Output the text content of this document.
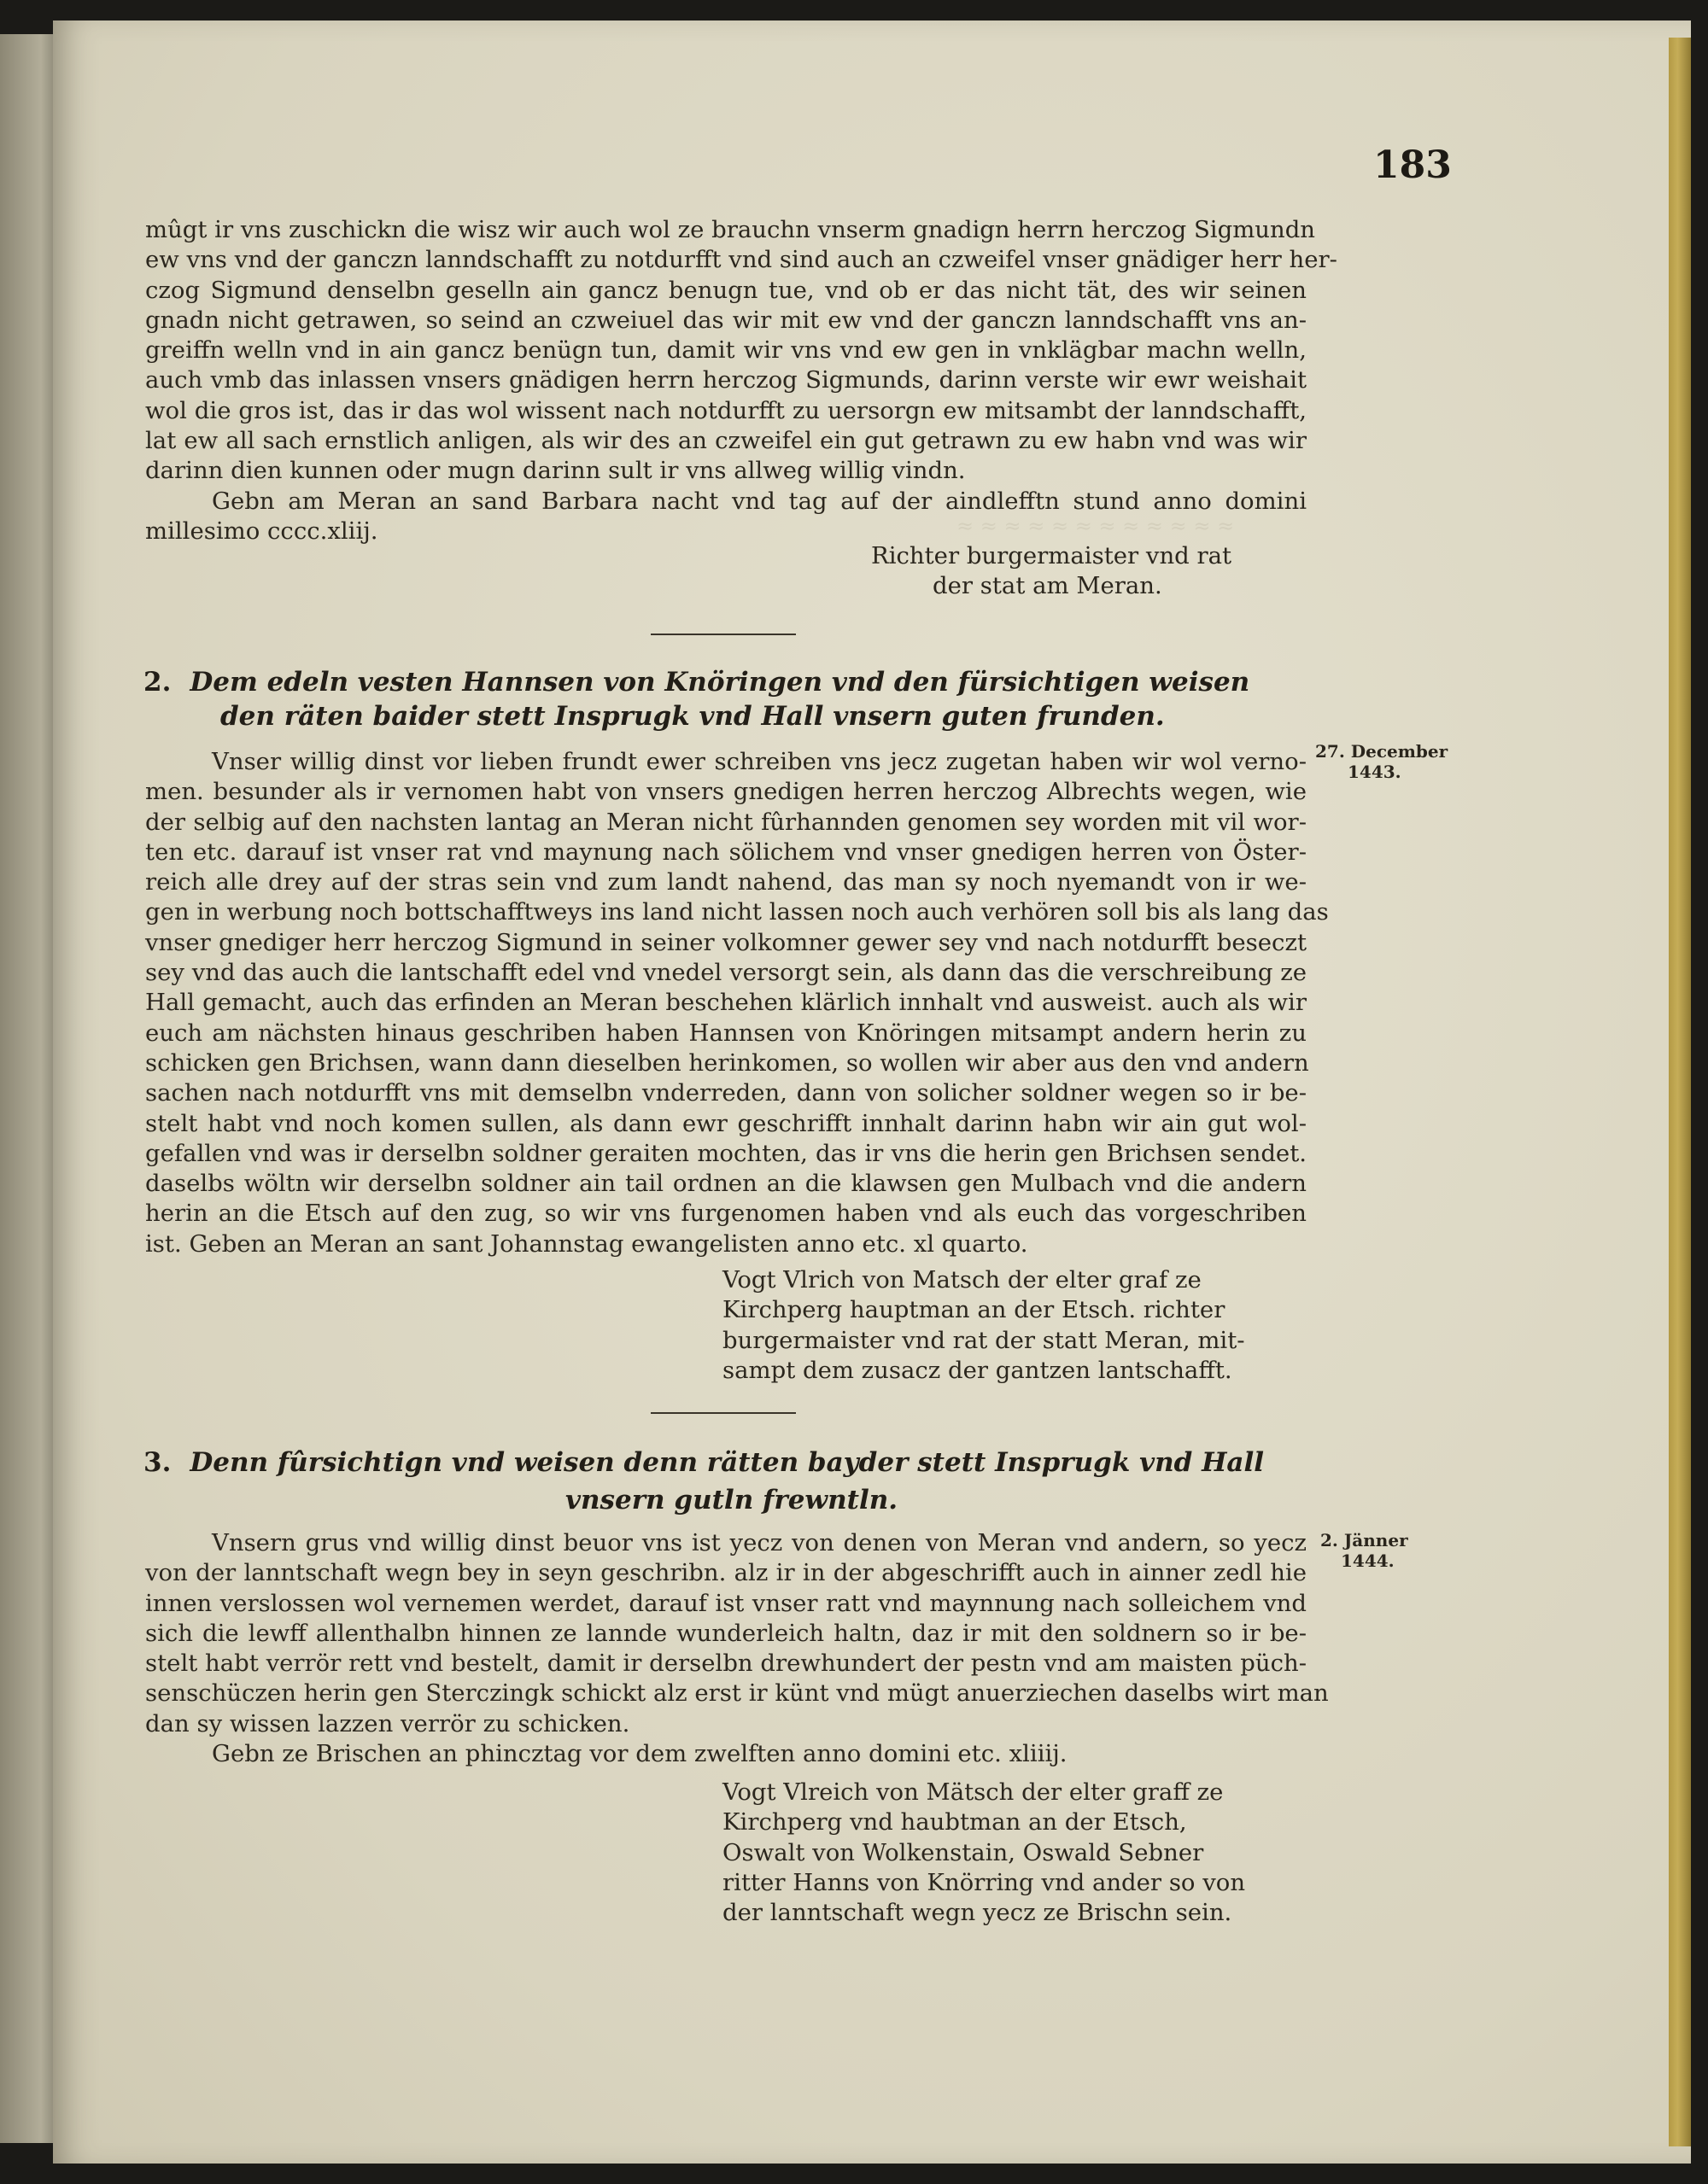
≈ ≈ ≈ ≈ ≈ ≈ ≈ ≈ ≈ ≈ ≈ ≈
183
mûgt ir vns zuschickn die wisz wir auch wol ze brauchn vnserm gnadign herrn herczog Sigmundn
ew vns vnd der ganczn lanndschafft zu notdurfft vnd sind auch an czweifel vnser gnädiger herr her-
czog Sigmund denselbn geselln ain gancz benugn tue, vnd ob er das nicht tät, des wir seinen
gnadn nicht getrawen, so seind an czweiuel das wir mit ew vnd der ganczn lanndschafft vns an-
greiffn welln vnd in ain gancz benügn tun, damit wir vns vnd ew gen in vnklägbar machn welln,
auch vmb das inlassen vnsers gnädigen herrn herczog Sigmunds, darinn verste wir ewr weishait
wol die gros ist, das ir das wol wissent nach notdurfft zu uersorgn ew mitsambt der lanndschafft,
lat ew all sach ernstlich anligen, als wir des an czweifel ein gut getrawn zu ew habn vnd was wir
darinn dien kunnen oder mugn darinn sult ir vns allweg willig vindn.
Gebn am Meran an sand Barbara nacht vnd tag auf der aindlefftn stund anno domini
millesimo cccc.xliij.
Richter burgermaister vnd rat
der stat am Meran.
2. Dem edeln vesten Hannsen von Knöringen vnd den fürsichtigen weisen
den räten baider stett Insprugk vnd Hall vnsern guten frunden.
27. December
1443.
Vnser willig dinst vor lieben frundt ewer schreiben vns jecz zugetan haben wir wol verno-
men. besunder als ir vernomen habt von vnsers gnedigen herren herczog Albrechts wegen, wie
der selbig auf den nachsten lantag an Meran nicht fûrhannden genomen sey worden mit vil wor-
ten etc. darauf ist vnser rat vnd maynung nach sölichem vnd vnser gnedigen herren von Öster-
reich alle drey auf der stras sein vnd zum landt nahend, das man sy noch nyemandt von ir we-
gen in werbung noch bottschafftweys ins land nicht lassen noch auch verhören soll bis als lang das
vnser gnediger herr herczog Sigmund in seiner volkomner gewer sey vnd nach notdurfft beseczt
sey vnd das auch die lantschafft edel vnd vnedel versorgt sein, als dann das die verschreibung ze
Hall gemacht, auch das erfinden an Meran beschehen klärlich innhalt vnd ausweist. auch als wir
euch am nächsten hinaus geschriben haben Hannsen von Knöringen mitsampt andern herin zu
schicken gen Brichsen, wann dann dieselben herinkomen, so wollen wir aber aus den vnd andern
sachen nach notdurfft vns mit demselbn vnderreden, dann von solicher soldner wegen so ir be-
stelt habt vnd noch komen sullen, als dann ewr geschrifft innhalt darinn habn wir ain gut wol-
gefallen vnd was ir derselbn soldner geraiten mochten, das ir vns die herin gen Brichsen sendet.
daselbs wöltn wir derselbn soldner ain tail ordnen an die klawsen gen Mulbach vnd die andern
herin an die Etsch auf den zug, so wir vns furgenomen haben vnd als euch das vorgeschriben
ist. Geben an Meran an sant Johannstag ewangelisten anno etc. xl quarto.
Vogt Vlrich von Matsch der elter graf ze
Kirchperg hauptman an der Etsch. richter
burgermaister vnd rat der statt Meran, mit-
sampt dem zusacz der gantzen lantschafft.
3. Denn fûrsichtign vnd weisen denn rätten bayder stett Insprugk vnd Hall
vnsern gutln frewntln.
2. Jänner
1444.
Vnsern grus vnd willig dinst beuor vns ist yecz von denen von Meran vnd andern, so yecz
von der lanntschaft wegn bey in seyn geschribn. alz ir in der abgeschrifft auch in ainner zedl hie
innen verslossen wol vernemen werdet, darauf ist vnser ratt vnd maynnung nach solleichem vnd
sich die lewff allenthalbn hinnen ze lannde wunderleich haltn, daz ir mit den soldnern so ir be-
stelt habt verrör rett vnd bestelt, damit ir derselbn drewhundert der pestn vnd am maisten püch-
senschüczen herin gen Sterczingk schickt alz erst ir künt vnd mügt anuerziechen daselbs wirt man
dan sy wissen lazzen verrör zu schicken.
Gebn ze Brischen an phincztag vor dem zwelften anno domini etc. xliiij.
Vogt Vlreich von Mätsch der elter graff ze
Kirchperg vnd haubtman an der Etsch,
Oswalt von Wolkenstain, Oswald Sebner
ritter Hanns von Knörring vnd ander so von
der lanntschaft wegn yecz ze Brischn sein.
